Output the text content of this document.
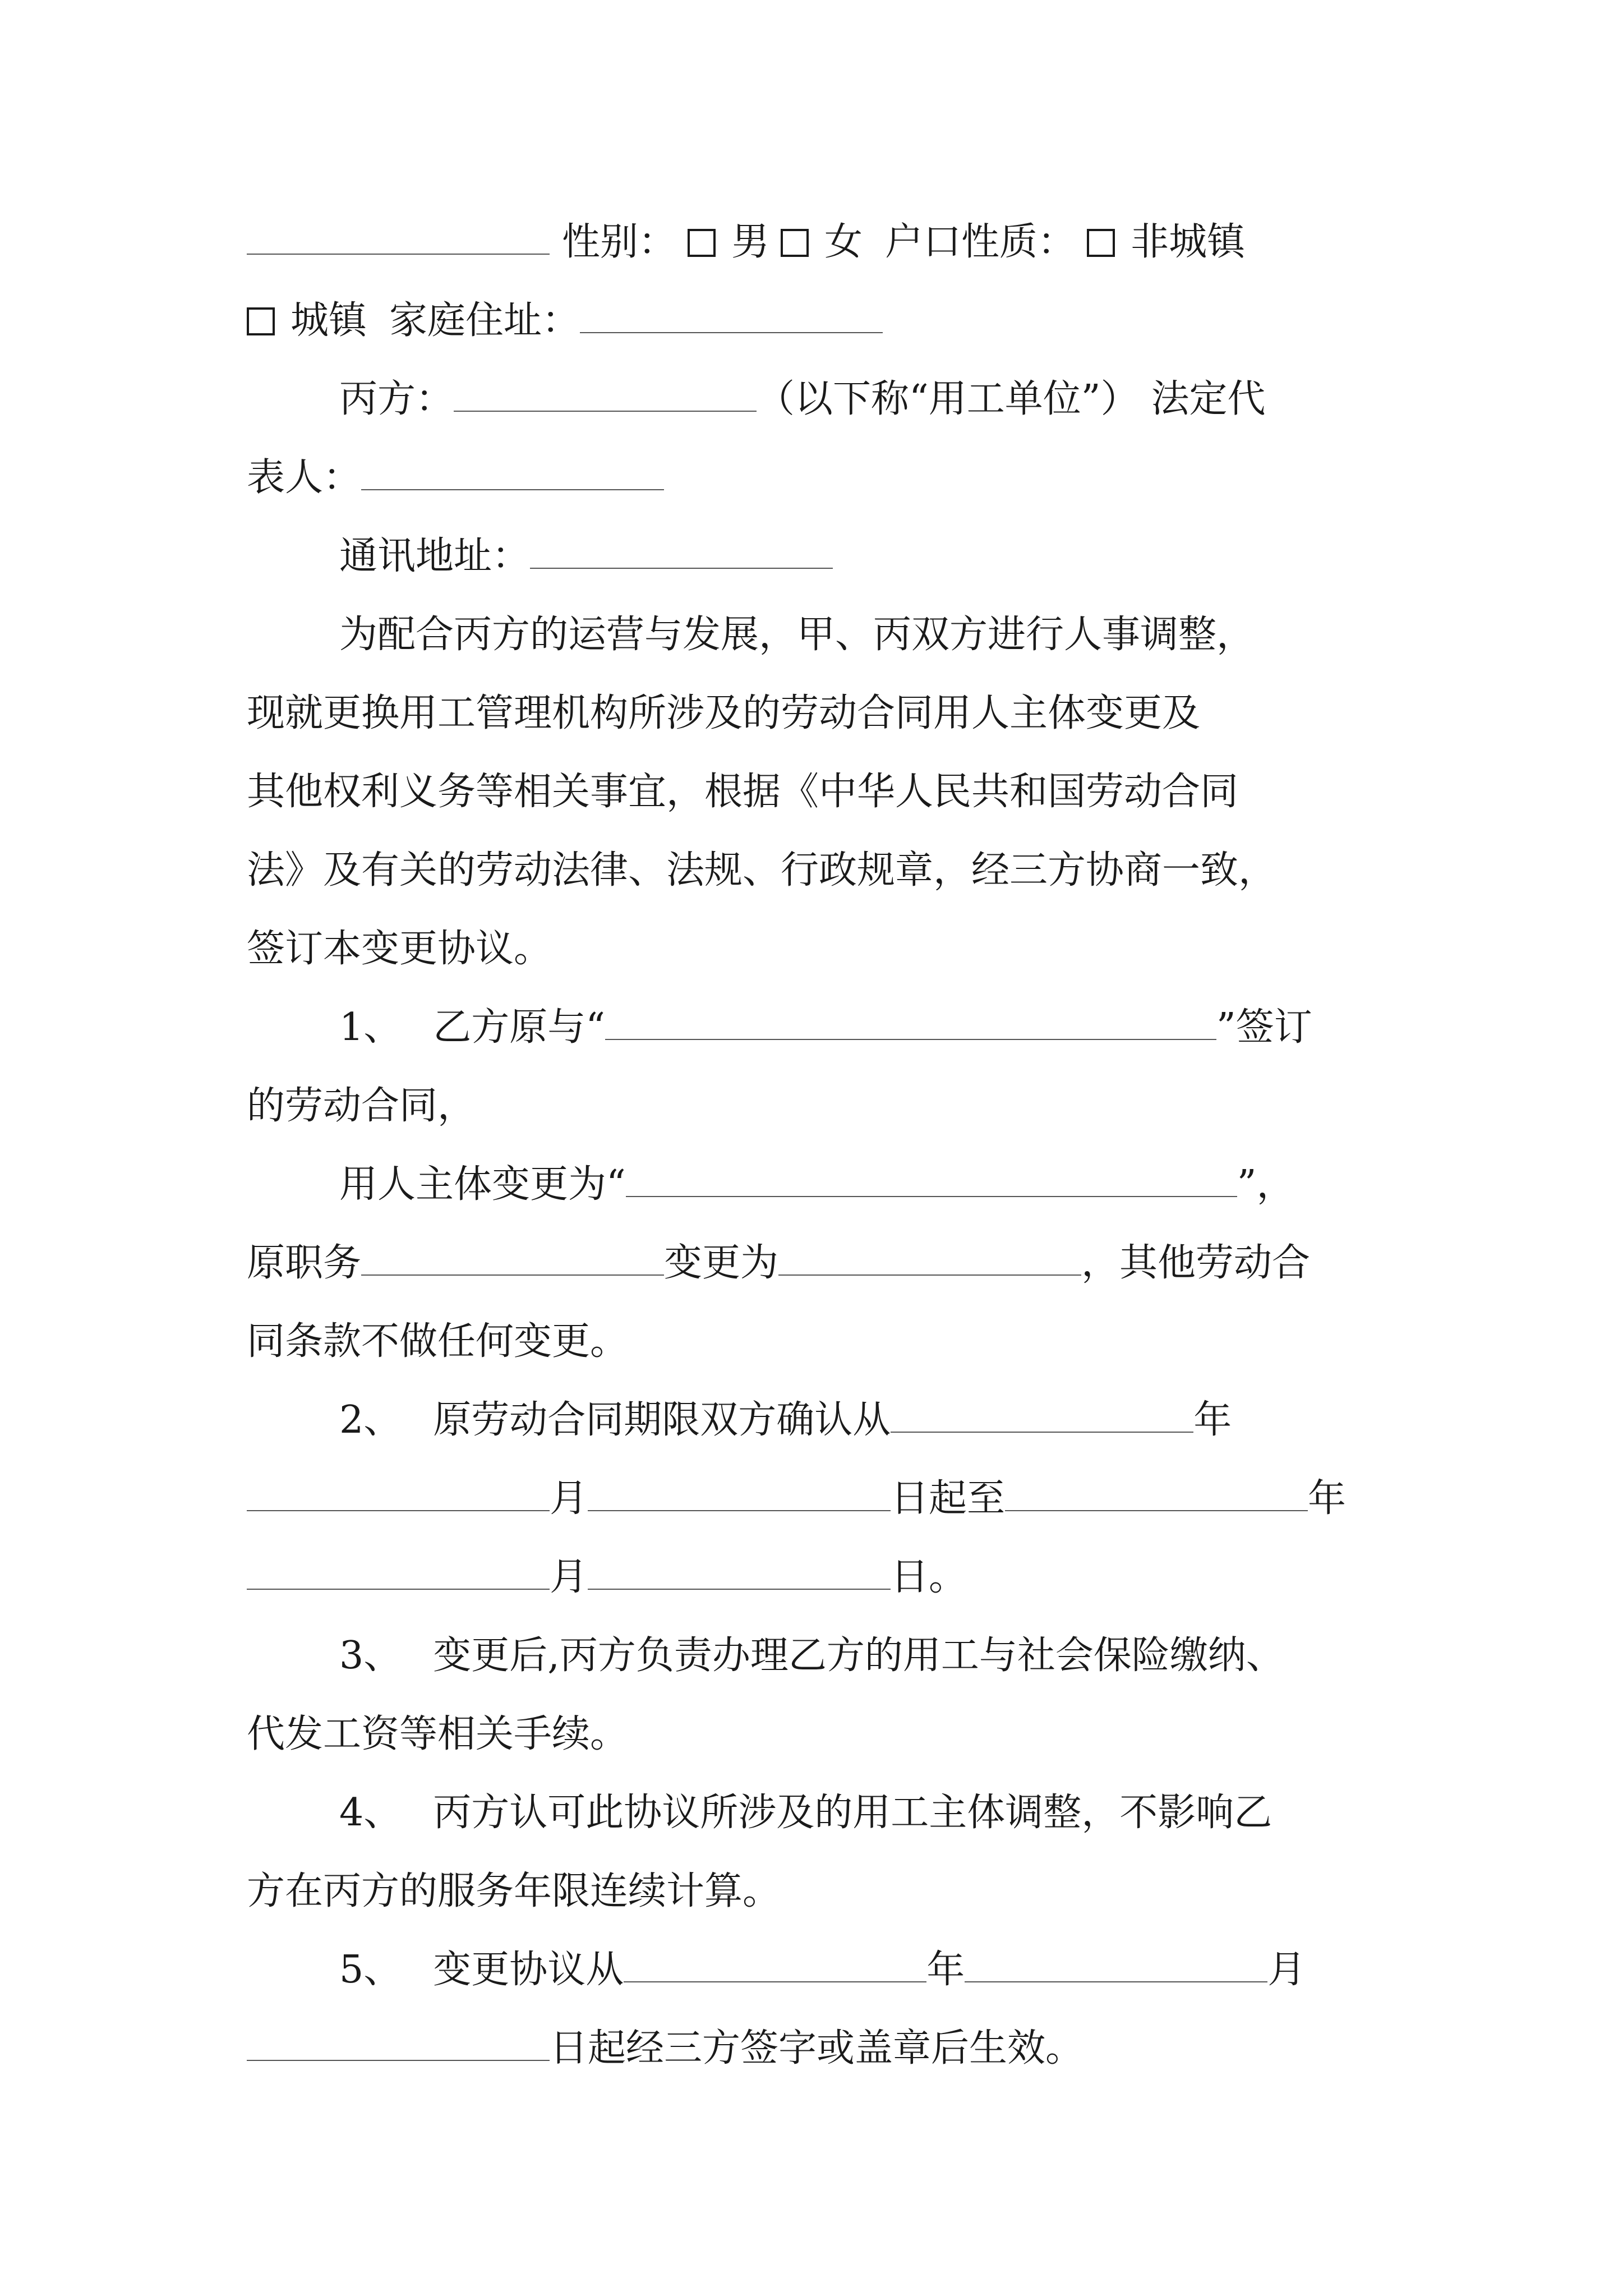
性别： 男 女 户口性质： 非城镇
城镇 家庭住址：
丙方：	（以下称“用工单位”） 法定代
表人：
通讯地址：
为配合丙方的运营与发展，甲、丙双方进行人事调整，
现就更换用工管理机构所涉及的劳动合同用人主体变更及
其他权利义务等相关事宜，根据《中华人民共和国劳动合同
法》及有关的劳动法律、法规、行政规章，经三方协商一致，
签订本变更协议。
1、 乙方原与“	”签订
的劳动合同，
用人主体变更为“	”，
原职务	变更为	，其他劳动合
同条款不做任何变更。
2、 原劳动合同期限双方确认从	年
月	日起至	年
月	日。
3、 变更后,丙方负责办理乙方的用工与社会保险缴纳、
代发工资等相关手续。
4、 丙方认可此协议所涉及的用工主体调整，不影响乙
方在丙方的服务年限连续计算。
5、 变更协议从	年	月
日起经三方签字或盖章后生效。
